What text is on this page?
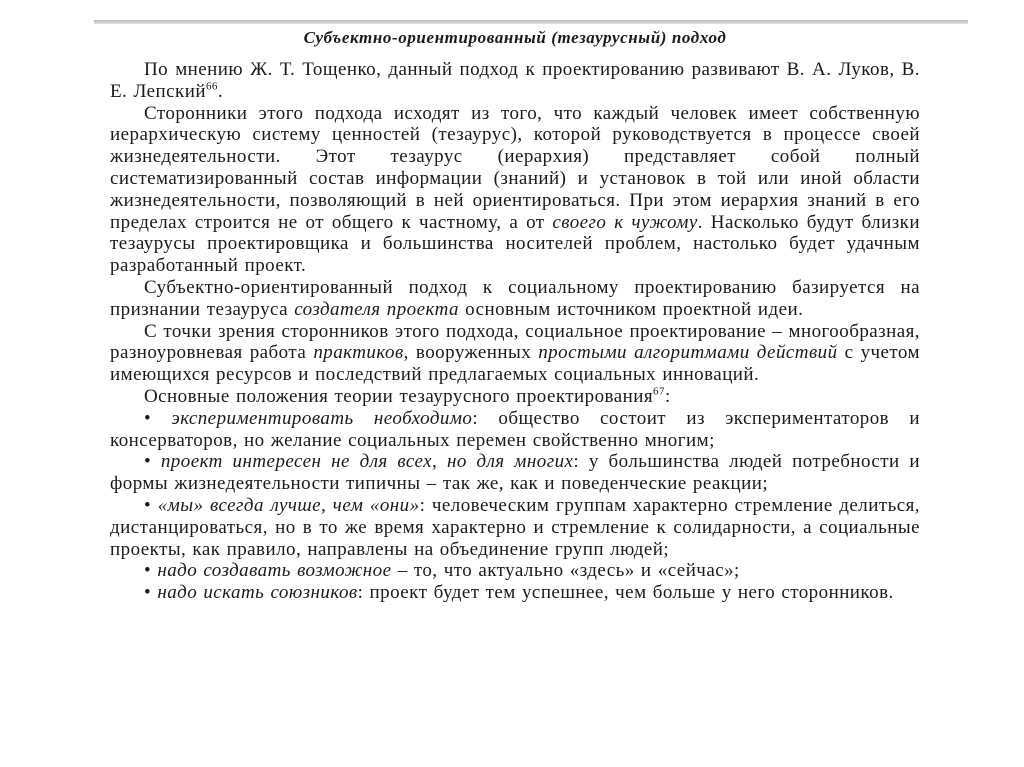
Субъектно-ориентированный (тезаурусный) подход

По мнению Ж. Т. Тощенко, данный подход к проектированию развивают В. А. Луков, В. Е. Лепский$^{66}$.

Сторонники этого подхода исходят из того, что каждый человек имеет собственную иерархическую систему ценностей (тезаурус), которой руководствуется в процессе своей жизнедеятельности. Этот тезаурус (иерархия) представляет собой полный систематизированный состав информации (знаний) и установок в той или иной области жизнедеятельности, позволяющий в ней ориентироваться. При этом иерархия знаний в его пределах строится не от общего к частному, а от своего к чужому. Насколько будут близки тезаурусы проектировщика и большинства носителей проблем, настолько будет удачным разработанный проект.

Субъектно-ориентированный подход к социальному проектированию базируется на признании тезауруса создателя проекта основным источником проектной идеи.

С точки зрения сторонников этого подхода, социальное проектирование – многообразная, разноуровневая работа практиков, вооруженных простыми алгоритмами действий с учетом имеющихся ресурсов и последствий предлагаемых социальных инноваций.

Основные положения теории тезаурусного проектирования$^{67}$:

• экспериментировать необходимо: общество состоит из экспериментаторов и консерваторов, но желание социальных перемен свойственно многим;

• проект интересен не для всех, но для многих: у большинства людей потребности и формы жизнедеятельности типичны – так же, как и поведенческие реакции;

• «мы» всегда лучше, чем «они»: человеческим группам характерно стремление делиться, дистанцироваться, но в то же время характерно и стремление к солидарности, а социальные проекты, как правило, направлены на объединение групп людей;

• надо создавать возможное – то, что актуально «здесь» и «сейчас»;

• надо искать союзников: проект будет тем успешнее, чем больше у него сторонников.
